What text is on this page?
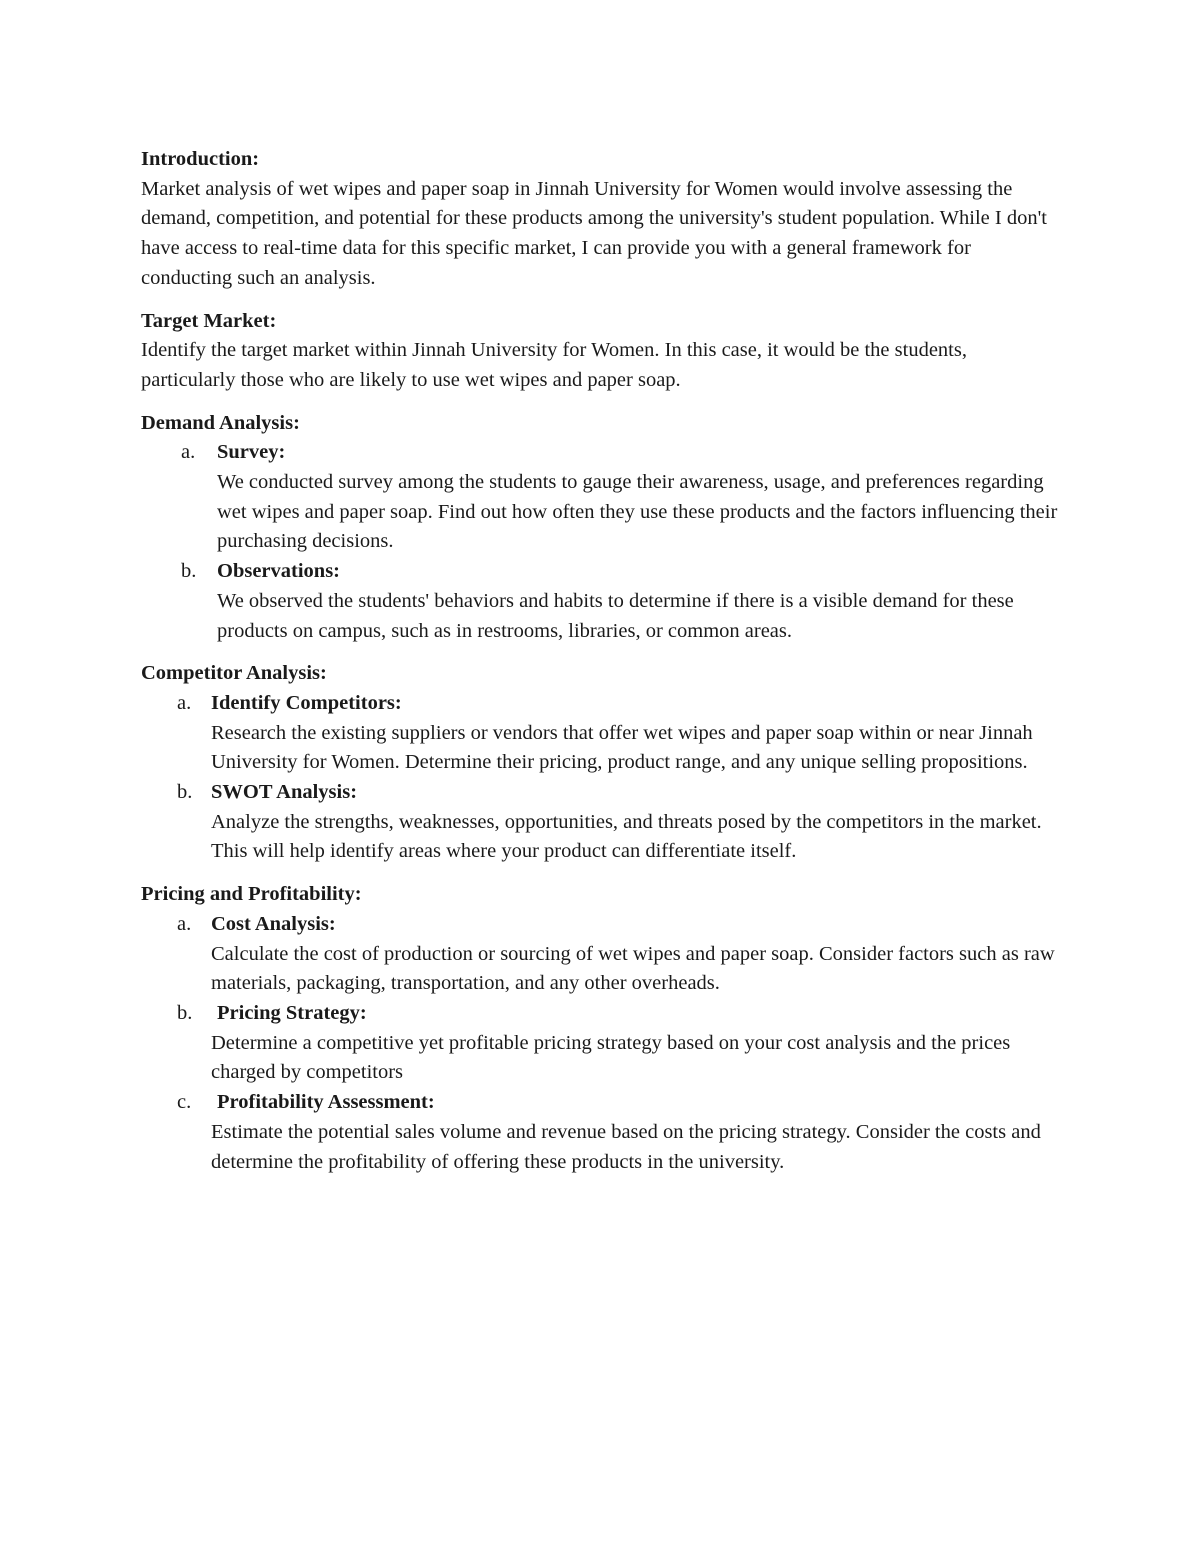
Introduction:

Market analysis of wet wipes and paper soap in Jinnah University for Women would involve assessing the demand, competition, and potential for these products among the university's student population. While I don't have access to real-time data for this specific market, I can provide you with a general framework for conducting such an analysis.

Target Market:

Identify the target market within Jinnah University for Women. In this case, it would be the students, particularly those who are likely to use wet wipes and paper soap.

Demand Analysis:

a. Survey:
We conducted survey among the students to gauge their awareness, usage, and preferences regarding wet wipes and paper soap. Find out how often they use these products and the factors influencing their purchasing decisions.
b. Observations:
We observed the students' behaviors and habits to determine if there is a visible demand for these products on campus, such as in restrooms, libraries, or common areas.

Competitor Analysis:

a. Identify Competitors:
Research the existing suppliers or vendors that offer wet wipes and paper soap within or near Jinnah University for Women. Determine their pricing, product range, and any unique selling propositions.
b. SWOT Analysis:
Analyze the strengths, weaknesses, opportunities, and threats posed by the competitors in the market. This will help identify areas where your product can differentiate itself.

Pricing and Profitability:

a. Cost Analysis:
Calculate the cost of production or sourcing of wet wipes and paper soap. Consider factors such as raw materials, packaging, transportation, and any other overheads.
b. Pricing Strategy:
Determine a competitive yet profitable pricing strategy based on your cost analysis and the prices charged by competitors
c. Profitability Assessment:
Estimate the potential sales volume and revenue based on the pricing strategy. Consider the costs and determine the profitability of offering these products in the university.
